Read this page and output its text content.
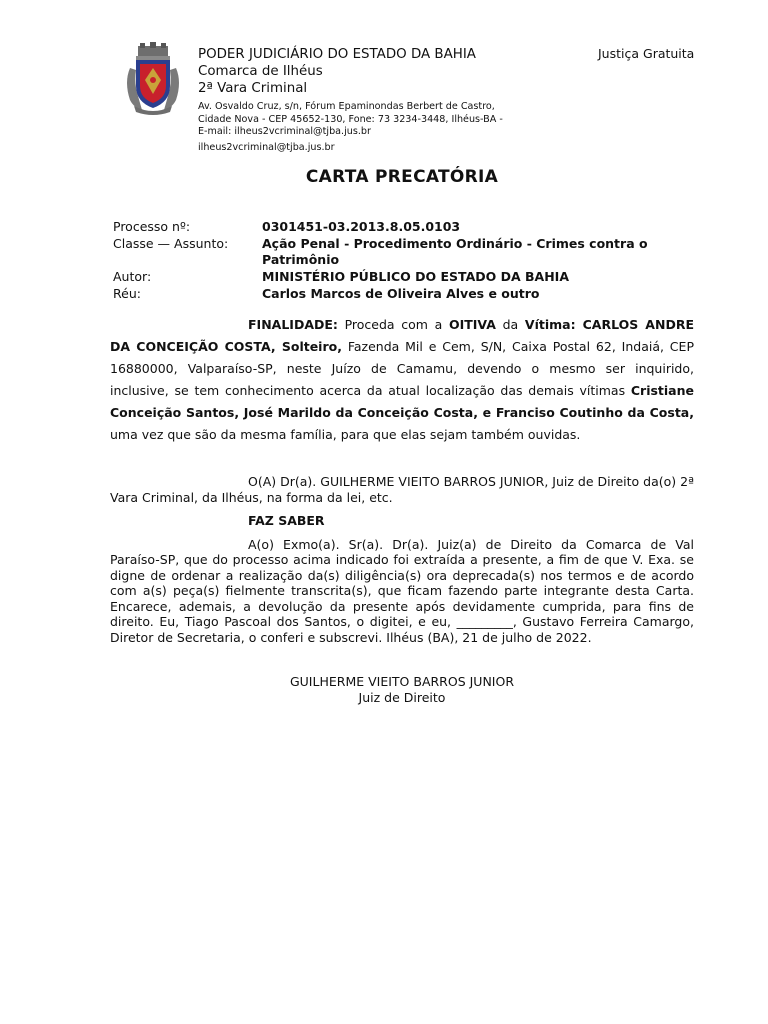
PODER JUDICIÁRIO DO ESTADO DA BAHIA
Comarca de Ilhéus
2ª Vara Criminal
Av. Osvaldo Cruz, s/n, Fórum Epaminondas Berbert de Castro,
Cidade Nova - CEP 45652-130, Fone: 73 3234-3448, Ilhéus-BA -
E-mail: ilheus2vcriminal@tjba.jus.br
ilheus2vcriminal@tjba.jus.br
Justiça Gratuita
CARTA PRECATÓRIA
Processo nº:	0301451-03.2013.8.05.0103
Classe — Assunto:	Ação Penal - Procedimento Ordinário - Crimes contra o Patrimônio
Autor:	MINISTÉRIO PÚBLICO DO ESTADO DA BAHIA
Réu:	Carlos Marcos de Oliveira Alves e outro
FINALIDADE: Proceda com a OITIVA da Vítima: CARLOS ANDRE DA CONCEIÇÃO COSTA, Solteiro, Fazenda Mil e Cem, S/N, Caixa Postal 62, Indaiá, CEP 16880000, Valparaíso-SP, neste Juízo de Camamu, devendo o mesmo ser inquirido, inclusive, se tem conhecimento acerca da atual localização das demais vítimas Cristiane Conceição Santos, José Marildo da Conceição Costa, e Franciso Coutinho da Costa, uma vez que são da mesma família, para que elas sejam também ouvidas.

O(A) Dr(a). GUILHERME VIEITO BARROS JUNIOR, Juiz de Direito da(o) 2ª Vara Criminal, da Ilhéus, na forma da lei, etc.

FAZ SABER

A(o) Exmo(a). Sr(a). Dr(a). Juiz(a) de Direito da Comarca de Val Paraíso-SP, que do processo acima indicado foi extraída a presente, a fim de que V. Exa. se digne de ordenar a realização da(s) diligência(s) ora deprecada(s) nos termos e de acordo com a(s) peça(s) fielmente transcrita(s), que ficam fazendo parte integrante desta Carta. Encarece, ademais, a devolução da presente após devidamente cumprida, para fins de direito. Eu, Tiago Pascoal dos Santos, o digitei, e eu, _________, Gustavo Ferreira Camargo, Diretor de Secretaria, o conferi e subscrevi. Ilhéus (BA), 21 de julho de 2022.

GUILHERME VIEITO BARROS JUNIOR
Juiz de Direito
